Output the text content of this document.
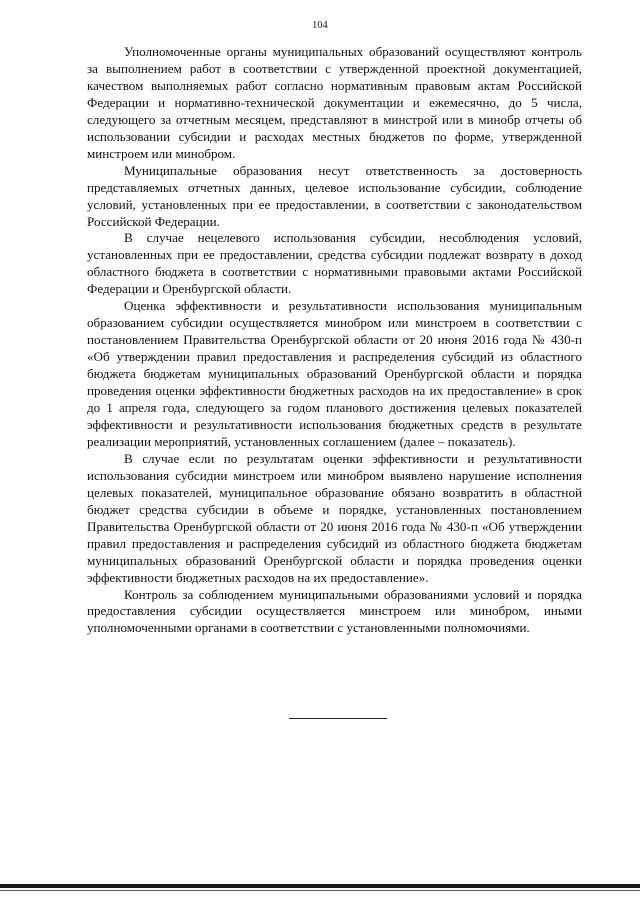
104

Уполномоченные органы муниципальных образований осуществляют контроль за выполнением работ в соответствии с утвержденной проектной документацией, качеством выполняемых работ согласно нормативным правовым актам Российской Федерации и нормативно-технической документации и ежемесячно, до 5 числа, следующего за отчетным месяцем, представляют в минстрой или в минобр отчеты об использовании субсидии и расходах местных бюджетов по форме, утвержденной минстроем или минобром.

Муниципальные образования несут ответственность за достоверность представляемых отчетных данных, целевое использование субсидии, соблюдение условий, установленных при ее предоставлении, в соответствии с законодательством Российской Федерации.

В случае нецелевого использования субсидии, несоблюдения условий, установленных при ее предоставлении, средства субсидии подлежат возврату в доход областного бюджета в соответствии с нормативными правовыми актами Российской Федерации и Оренбургской области.

Оценка эффективности и результативности использования муниципальным образованием субсидии осуществляется минобром или минстроем в соответствии с постановлением Правительства Оренбургской области от 20 июня 2016 года № 430-п «Об утверждении правил предоставления и распределения субсидий из областного бюджета бюджетам муниципальных образований Оренбургской области и порядка проведения оценки эффективности бюджетных расходов на их предоставление» в срок до 1 апреля года, следующего за годом планового достижения целевых показателей эффективности и результативности использования бюджетных средств в результате реализации мероприятий, установленных соглашением (далее – показатель).

В случае если по результатам оценки эффективности и результативности использования субсидии минстроем или минобром выявлено нарушение исполнения целевых показателей, муниципальное образование обязано возвратить в областной бюджет средства субсидии в объеме и порядке, установленных постановлением Правительства Оренбургской области от 20 июня 2016 года № 430-п «Об утверждении правил предоставления и распределения субсидий из областного бюджета бюджетам муниципальных образований Оренбургской области и порядка проведения оценки эффективности бюджетных расходов на их предоставление».

Контроль за соблюдением муниципальными образованиями условий и порядка предоставления субсидии осуществляется минстроем или минобром, иными уполномоченными органами в соответствии с установленными полномочиями.
